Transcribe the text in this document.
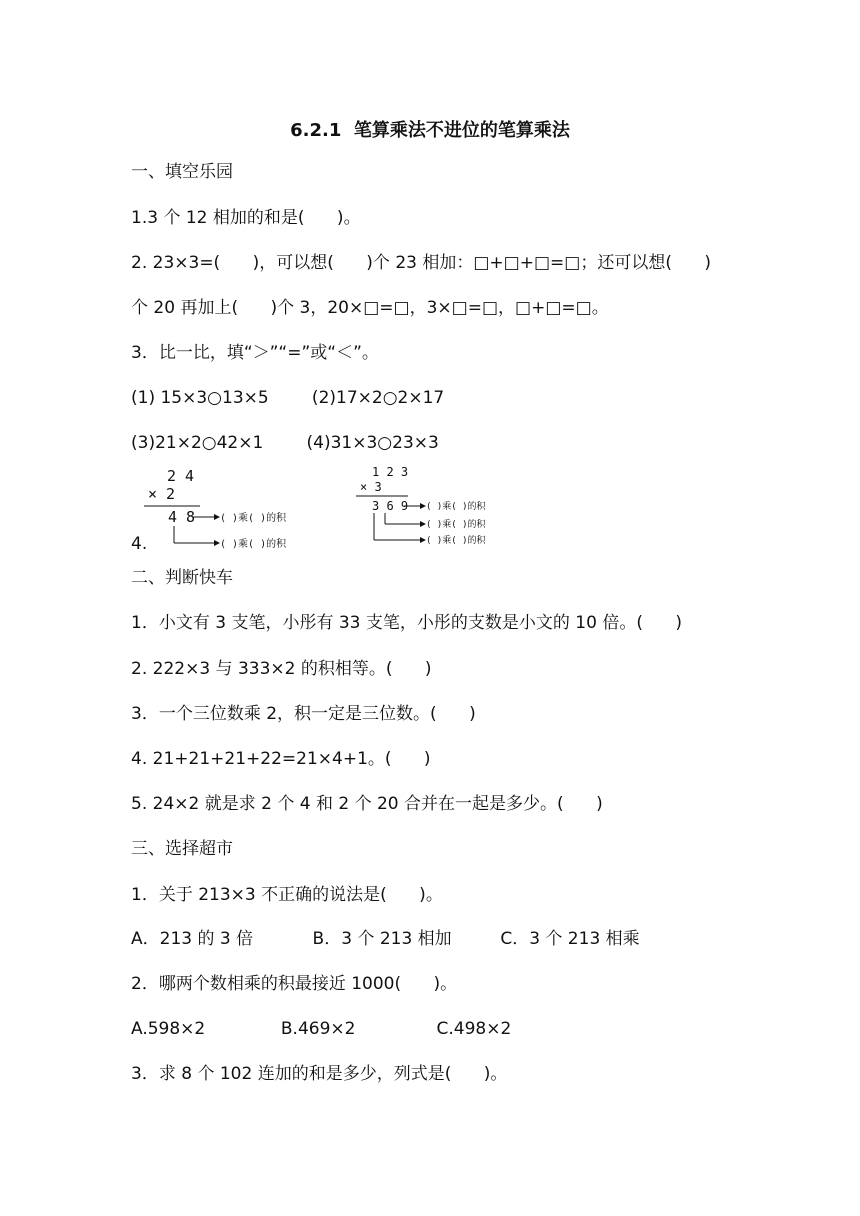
6.2.1  笔算乘法不进位的笔算乘法
一、填空乐园
1.3 个 12 相加的和是(      )。
2. 23×3=(      )，可以想(      )个 23 相加：□+□+□=□；还可以想(      )
个 20 再加上(      )个 3，20×□=□，3×□=□，□+□=□。
3．比一比，填“＞”“=”或“＜”。
(1) 15×3○13×5        (2)17×2○2×17
(3)21×2○42×1        (4)31×3○23×3
4.
2 4
× 2
4 8 ( )乘( )的积
( )乘( )的积
1 2 3
× 3
3 6 9 ( )乘( )的积
( )乘( )的积
( )乘( )的积
二、判断快车
1．小文有 3 支笔，小彤有 33 支笔，小彤的支数是小文的 10 倍。(      )
2. 222×3 与 333×2 的积相等。(      )
3．一个三位数乘 2，积一定是三位数。(      )
4. 21+21+21+22=21×4+1。(      )
5. 24×2 就是求 2 个 4 和 2 个 20 合并在一起是多少。(      )
三、选择超市
1．关于 213×3 不正确的说法是(      )。
A．213 的 3 倍           B．3 个 213 相加         C．3 个 213 相乘
2．哪两个数相乘的积最接近 1000(      )。
A.598×2              B.469×2               C.498×2
3．求 8 个 102 连加的和是多少，列式是(      )。
